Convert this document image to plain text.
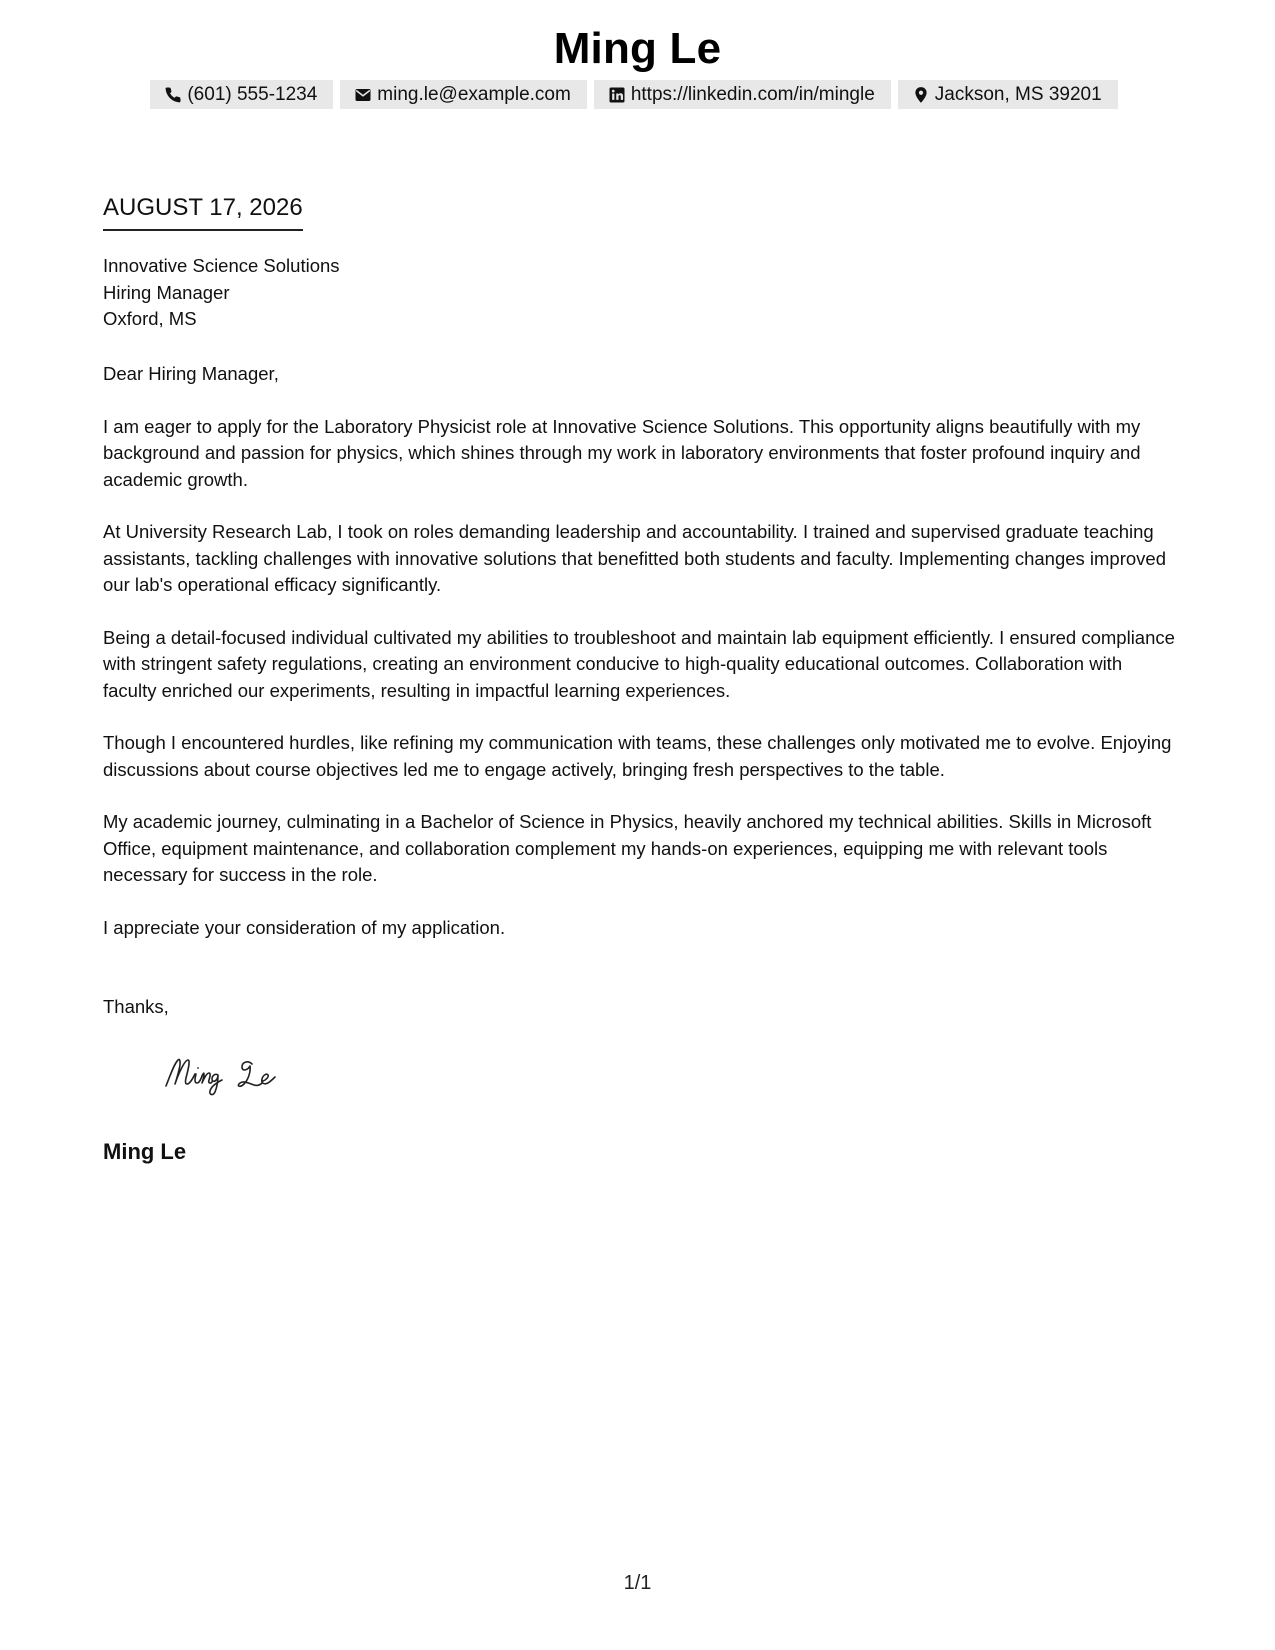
Ming Le
(601) 555-1234	ming.le@example.com	https://linkedin.com/in/mingle	Jackson, MS 39201
AUGUST 17, 2026
Innovative Science Solutions
Hiring Manager
Oxford, MS

Dear Hiring Manager,

I am eager to apply for the Laboratory Physicist role at Innovative Science Solutions. This opportunity aligns beautifully with my background and passion for physics, which shines through my work in laboratory environments that foster profound inquiry and academic growth.

At University Research Lab, I took on roles demanding leadership and accountability. I trained and supervised graduate teaching assistants, tackling challenges with innovative solutions that benefitted both students and faculty. Implementing changes improved our lab's operational efficacy significantly.

Being a detail-focused individual cultivated my abilities to troubleshoot and maintain lab equipment efficiently. I ensured compliance with stringent safety regulations, creating an environment conducive to high-quality educational outcomes. Collaboration with faculty enriched our experiments, resulting in impactful learning experiences.

Though I encountered hurdles, like refining my communication with teams, these challenges only motivated me to evolve. Enjoying discussions about course objectives led me to engage actively, bringing fresh perspectives to the table.

My academic journey, culminating in a Bachelor of Science in Physics, heavily anchored my technical abilities. Skills in Microsoft Office, equipment maintenance, and collaboration complement my hands-on experiences, equipping me with relevant tools necessary for success in the role.

I appreciate your consideration of my application.

Thanks,
Ming Le
1/1
